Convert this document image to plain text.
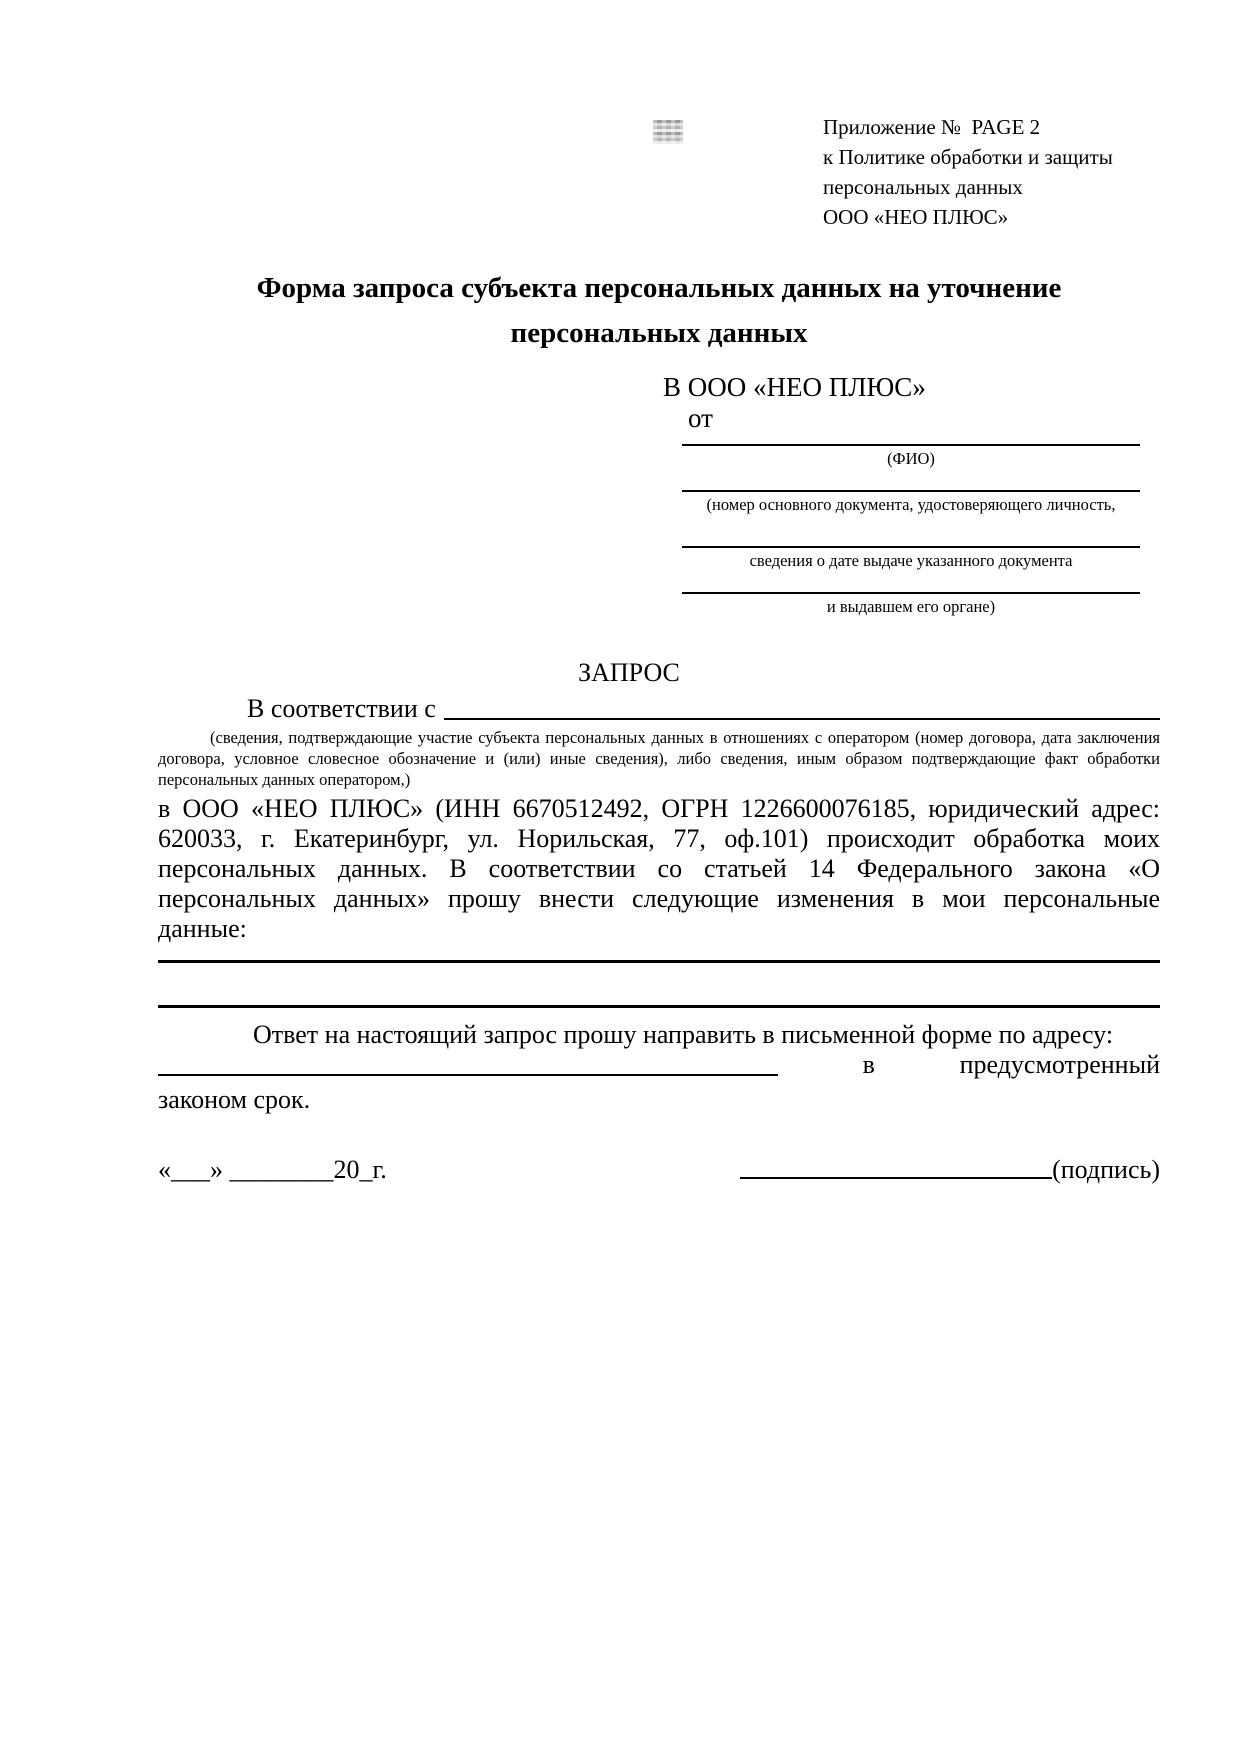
Приложение №  PAGE 2
к Политике обработки и защиты
персональных данных
ООО «НЕО ПЛЮС»
Форма запроса субъекта персональных данных на уточнение
персональных данных
В ООО «НЕО ПЛЮС»
от
(ФИО)
(номер основного документа, удостоверяющего личность,
сведения о дате выдаче указанного документа
и выдавшем его органе)
ЗАПРОС
В соответствии с
(сведения, подтверждающие участие субъекта персональных данных в отношениях с оператором (номер договора, дата заключения договора, условное словесное обозначение и (или) иные сведения), либо сведения, иным образом подтверждающие факт обработки персональных данных оператором,)
в ООО «НЕО ПЛЮС» (ИНН 6670512492, ОГРН 1226600076185, юридический адрес: 620033, г. Екатеринбург, ул. Норильская, 77, оф.101) происходит обработка моих персональных данных. В соответствии со статьей 14 Федерального закона «О персональных данных» прошу внести следующие изменения в мои персональные данные:
Ответ на настоящий запрос прошу направить в письменной форме по адресу:
в	предусмотренный
законом срок.
«___» ________20_г.	(подпись)
